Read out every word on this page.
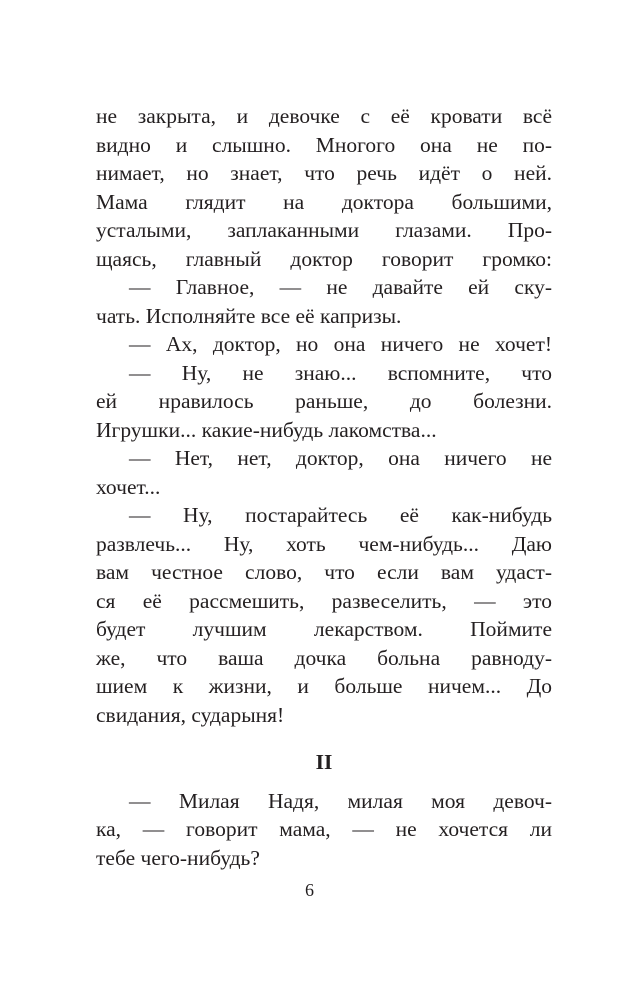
не закрыта, и девочке с её кровати всё
видно и слышно. Многого она не по-
нимает, но знает, что речь идёт о ней.
Мама глядит на доктора большими,
усталыми, заплаканными глазами. Про-
щаясь, главный доктор говорит громко:
— Главное, — не давайте ей ску-
чать. Исполняйте все её капризы.
— Ах, доктор, но она ничего не хочет!
— Ну, не знаю... вспомните, что
ей нравилось раньше, до болезни.
Игрушки... какие-нибудь лакомства...
— Нет, нет, доктор, она ничего не
хочет...
— Ну, постарайтесь её как-нибудь
развлечь... Ну, хоть чем-нибудь... Даю
вам честное слово, что если вам удаст-
ся её рассмешить, развеселить, — это
будет лучшим лекарством. Поймите
же, что ваша дочка больна равноду-
шием к жизни, и больше ничем... До
свидания, сударыня!
II
— Милая Надя, милая моя девоч-
ка, — говорит мама, — не хочется ли
тебе чего-нибудь?
6
